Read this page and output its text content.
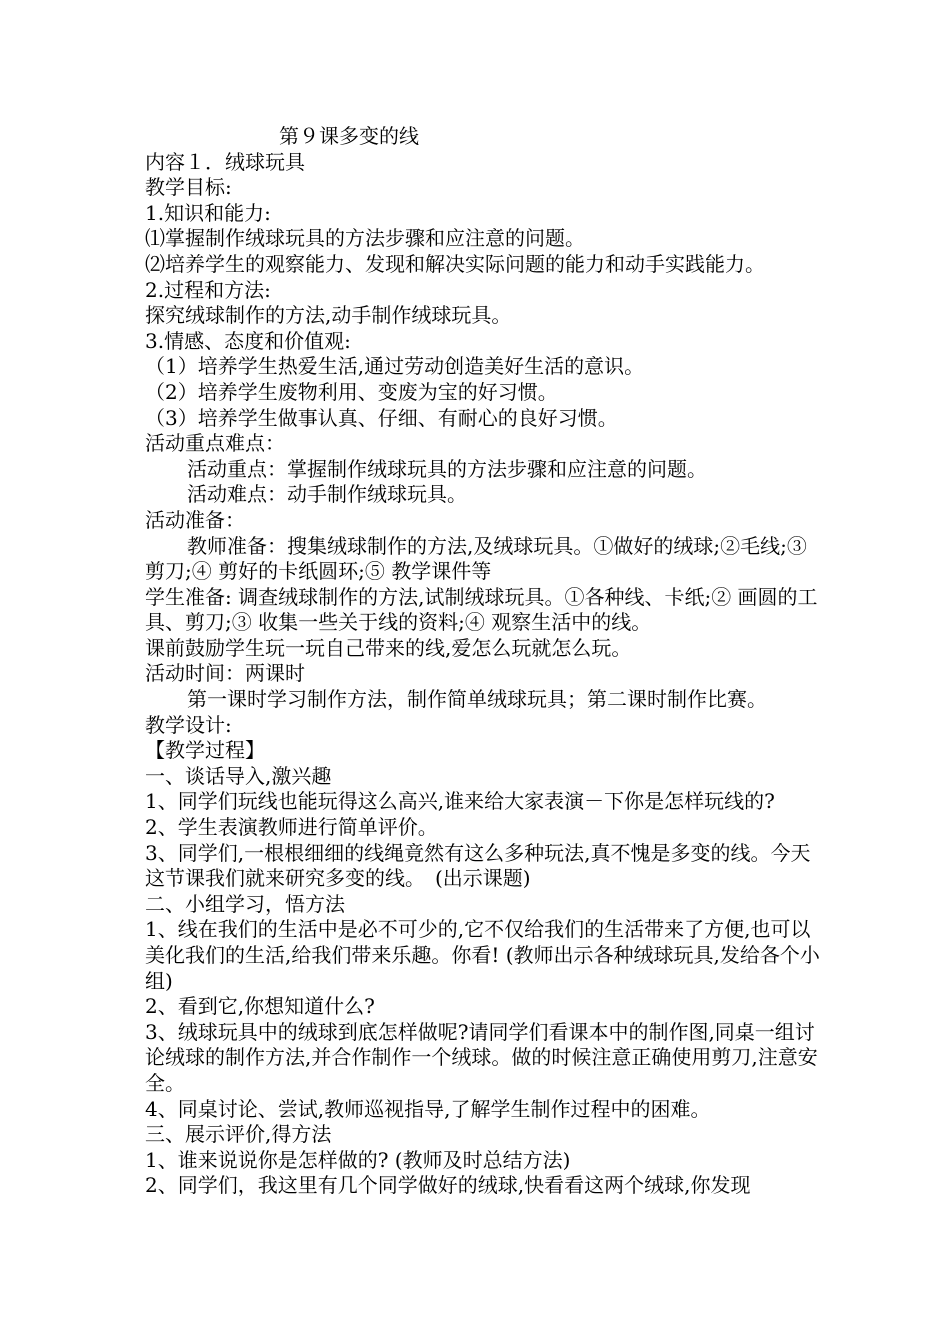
第９课多变的线

内容１．绒球玩具

教学目标:

1.知识和能力:

⑴掌握制作绒球玩具的方法步骤和应注意的问题。

⑵培养学生的观察能力、发现和解决实际问题的能力和动手实践能力。

2.过程和方法:

探究绒球制作的方法,动手制作绒球玩具。

3.情感、态度和价值观:

（1）培养学生热爱生活,通过劳动创造美好生活的意识。

（2）培养学生废物利用、变废为宝的好习惯。

（3）培养学生做事认真、仔细、有耐心的良好习惯。

活动重点难点：

活动重点：掌握制作绒球玩具的方法步骤和应注意的问题。

活动难点：动手制作绒球玩具。

活动准备：

教师准备：搜集绒球制作的方法,及绒球玩具。①做好的绒球;②毛线;③ 剪刀;④ 剪好的卡纸圆环;⑤ 教学课件等

学生准备: 调查绒球制作的方法,试制绒球玩具。①各种线、卡纸;② 画圆的工具、剪刀;③ 收集一些关于线的资料;④ 观察生活中的线。

课前鼓励学生玩一玩自己带来的线,爱怎么玩就怎么玩。

活动时间：两课时

第一课时学习制作方法，制作简单绒球玩具；第二课时制作比赛。

教学设计:

【教学过程】

一、谈话导入,激兴趣

1、同学们玩线也能玩得这么高兴,谁来给大家表演－下你是怎样玩线的?

2、学生表演教师进行简单评价。

3、同学们,一根根细细的线绳竟然有这么多种玩法,真不愧是多变的线。今天这节课我们就来研究多变的线。　(出示课题)

二、小组学习，悟方法

1、线在我们的生活中是必不可少的,它不仅给我们的生活带来了方便,也可以美化我们的生活,给我们带来乐趣。你看! (教师出示各种绒球玩具,发给各个小组)

2、看到它,你想知道什么?

3、绒球玩具中的绒球到底怎样做呢?请同学们看课本中的制作图,同桌一组讨论绒球的制作方法,并合作制作一个绒球。做的时候注意正确使用剪刀,注意安全。

4、同桌讨论、尝试,教师巡视指导,了解学生制作过程中的困难。

三、展示评价,得方法

1、谁来说说你是怎样做的? (教师及时总结方法)

2、同学们，我这里有几个同学做好的绒球,快看看这两个绒球,你发现
